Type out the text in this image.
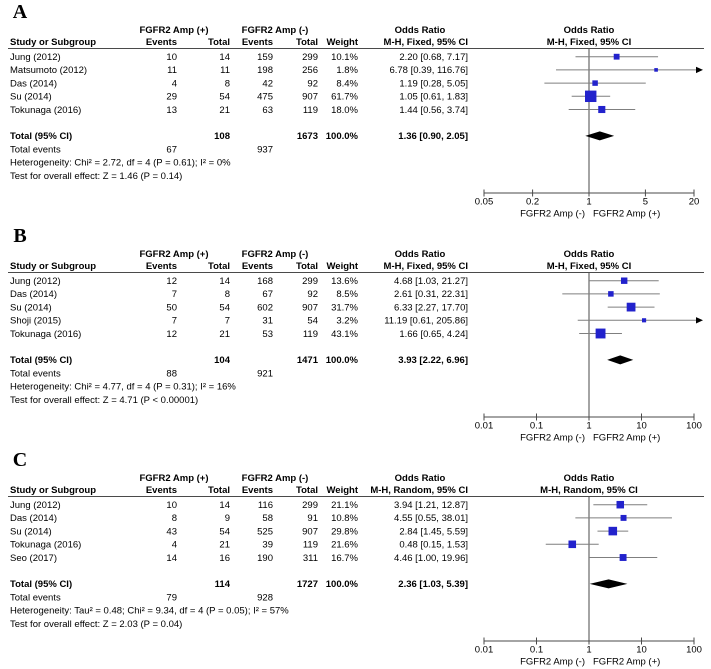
A
FGFR2 Amp (+)	FGFR2 Amp (-)	Odds Ratio	Odds Ratio
Study or Subgroup	Events	Total Events Total Weight	M-H, Fixed, 95% CI	M-H, Fixed, 95% CI
Jung (2012)	10	14	159	299 10.1%	2.20 [0.68, 7.17]
Matsumoto (2012)	11	11	198	256 1.8%	6.78 [0.39, 116.76]
Das (2014)	4	8	42	92 8.4%	1.19 [0.28, 5.05]
Su (2014)	29	54	475	907 61.7%	1.05 [0.61, 1.83]
Tokunaga (2016)	13	21	63	119 18.0%	1.44 [0.56, 3.74]
Total (95% CI)	108	1673 100.0%	1.36 [0.90, 2.05]
Total events	67	937
Heterogeneity: Chi² = 2.72, df = 4 (P = 0.61); I² = 0%
Test for overall effect: Z = 1.46 (P = 0.14)
0.05	0.2	1	5	20
FGFR2 Amp (-) FGFR2 Amp (+)
B
FGFR2 Amp (+)	FGFR2 Amp (-)	Odds Ratio	Odds Ratio
Study or Subgroup	Events	Total Events Total Weight	M-H, Fixed, 95% CI	M-H, Fixed, 95% CI
Jung (2012)	12	14	168	299 13.6%	4.68 [1.03, 21.27]
Das (2014)	7	8	67	92 8.5%	2.61 [0.31, 22.31]
Su (2014)	50	54	602	907 31.7%	6.33 [2.27, 17.70]
Shoji (2015)	7	7	31	54 3.2%	11.19 [0.61, 205.86]
Tokunaga (2016)	12	21	53	119 43.1%	1.66 [0.65, 4.24]
Total (95% CI)	104	1471 100.0%	3.93 [2.22, 6.96]
Total events	88	921
Heterogeneity: Chi² = 4.77, df = 4 (P = 0.31); I² = 16%
Test for overall effect: Z = 4.71 (P < 0.00001)
0.01	0.1	1	10	100
FGFR2 Amp (-) FGFR2 Amp (+)
C
FGFR2 Amp (+)	FGFR2 Amp (-)	Odds Ratio	Odds Ratio
Study or Subgroup	Events	Total Events Total Weight M-H, Random, 95% CI	M-H, Random, 95% CI
Jung (2012)	10	14	116	299 21.1%	3.94 [1.21, 12.87]
Das (2014)	8	9	58	91 10.8%	4.55 [0.55, 38.01]
Su (2014)	43	54	525	907 29.8%	2.84 [1.45, 5.59]
Tokunaga (2016)	4	21	39	119 21.6%	0.48 [0.15, 1.53]
Seo (2017)	14	16	190	311 16.7%	4.46 [1.00, 19.96]
Total (95% CI)	114	1727 100.0%	2.36 [1.03, 5.39]
Total events	79	928
Heterogeneity: Tau² = 0.48; Chi² = 9.34, df = 4 (P = 0.05); I² = 57%
Test for overall effect: Z = 2.03 (P = 0.04)
0.01	0.1	1	10	100
FGFR2 Amp (-) FGFR2 Amp (+)
